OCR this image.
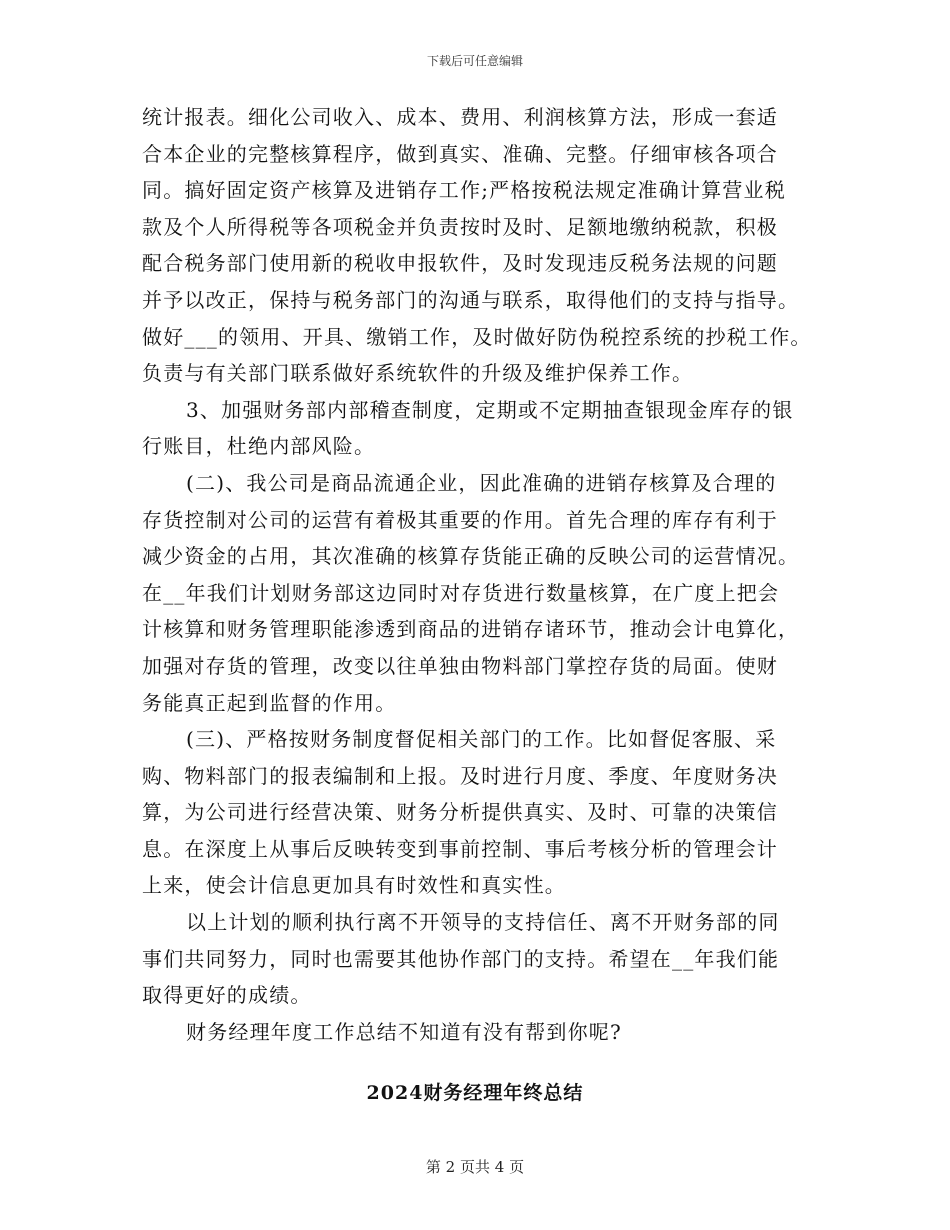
下载后可任意编辑
统计报表。细化公司收入、成本、费用、利润核算方法，形成一套适
合本企业的完整核算程序，做到真实、准确、完整。仔细审核各项合
同。搞好固定资产核算及进销存工作;严格按税法规定准确计算营业税
款及个人所得税等各项税金并负责按时及时、足额地缴纳税款，积极
配合税务部门使用新的税收申报软件，及时发现违反税务法规的问题
并予以改正，保持与税务部门的沟通与联系，取得他们的支持与指导。
做好___的领用、开具、缴销工作，及时做好防伪税控系统的抄税工作。
负责与有关部门联系做好系统软件的升级及维护保养工作。
3、加强财务部内部稽查制度，定期或不定期抽查银现金库存的银
行账目，杜绝内部风险。
(二)、我公司是商品流通企业，因此准确的进销存核算及合理的
存货控制对公司的运营有着极其重要的作用。首先合理的库存有利于
减少资金的占用，其次准确的核算存货能正确的反映公司的运营情况。
在__年我们计划财务部这边同时对存货进行数量核算，在广度上把会
计核算和财务管理职能渗透到商品的进销存诸环节，推动会计电算化，
加强对存货的管理，改变以往单独由物料部门掌控存货的局面。使财
务能真正起到监督的作用。
(三)、严格按财务制度督促相关部门的工作。比如督促客服、采
购、物料部门的报表编制和上报。及时进行月度、季度、年度财务决
算，为公司进行经营决策、财务分析提供真实、及时、可靠的决策信
息。在深度上从事后反映转变到事前控制、事后考核分析的管理会计
上来，使会计信息更加具有时效性和真实性。
以上计划的顺利执行离不开领导的支持信任、离不开财务部的同
事们共同努力，同时也需要其他协作部门的支持。希望在__年我们能
取得更好的成绩。
财务经理年度工作总结不知道有没有帮到你呢?
2024财务经理年终总结
第 2 页共 4 页
